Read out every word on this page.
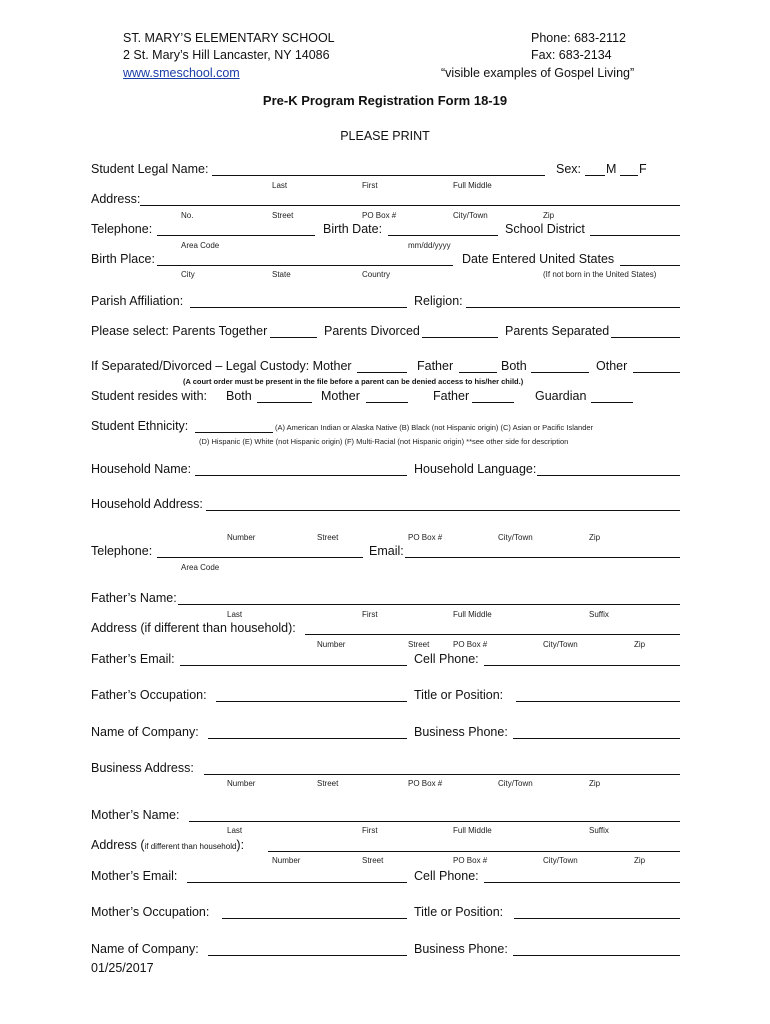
ST. MARY’S ELEMENTARY SCHOOL
2 St. Mary’s Hill Lancaster, NY 14086
www.smeschool.com
Phone: 683-2112
Fax: 683-2134
“visible examples of Gospel Living”
Pre-K Program Registration Form 18-19
PLEASE PRINT
Student Legal Name:	Sex: M F
Last	First	Full Middle
Address:
No.	Street	PO Box #	City/Town	Zip
Telephone:	Birth Date:	School District
Area Code	mm/dd/yyyy
Birth Place:	Date Entered United States
City	State	Country	(If not born in the United States)
Parish Affiliation:	Religion:
Please select: Parents Together	Parents Divorced	Parents Separated
If Separated/Divorced – Legal Custody: Mother	Father	Both	Other
(A court order must be present in the file before a parent can be denied access to his/her child.)
Student resides with: Both	Mother	Father	Guardian
Student Ethnicity:	(A) American Indian or Alaska Native (B) Black (not Hispanic origin) (C) Asian or Pacific Islander
(D) Hispanic (E) White (not Hispanic origin) (F) Multi-Racial (not Hispanic origin) **see other side for description
Household Name:	Household Language:
Household Address:
Number	Street	PO Box #	City/Town	Zip
Telephone:	Email:
Area Code
Father’s Name:
Last	First	Full Middle	Suffix
Address (if different than household):
Number	Street	PO Box #	City/Town	Zip
Father’s Email:	Cell Phone:
Father’s Occupation:	Title or Position:
Name of Company:	Business Phone:
Business Address:
Number	Street	PO Box #	City/Town	Zip
Mother’s Name:
Last	First	Full Middle	Suffix
Address (if different than household):
Number	Street	PO Box #	City/Town	Zip
Mother’s Email:	Cell Phone:
Mother’s Occupation:	Title or Position:
Name of Company:	Business Phone:
01/25/2017
